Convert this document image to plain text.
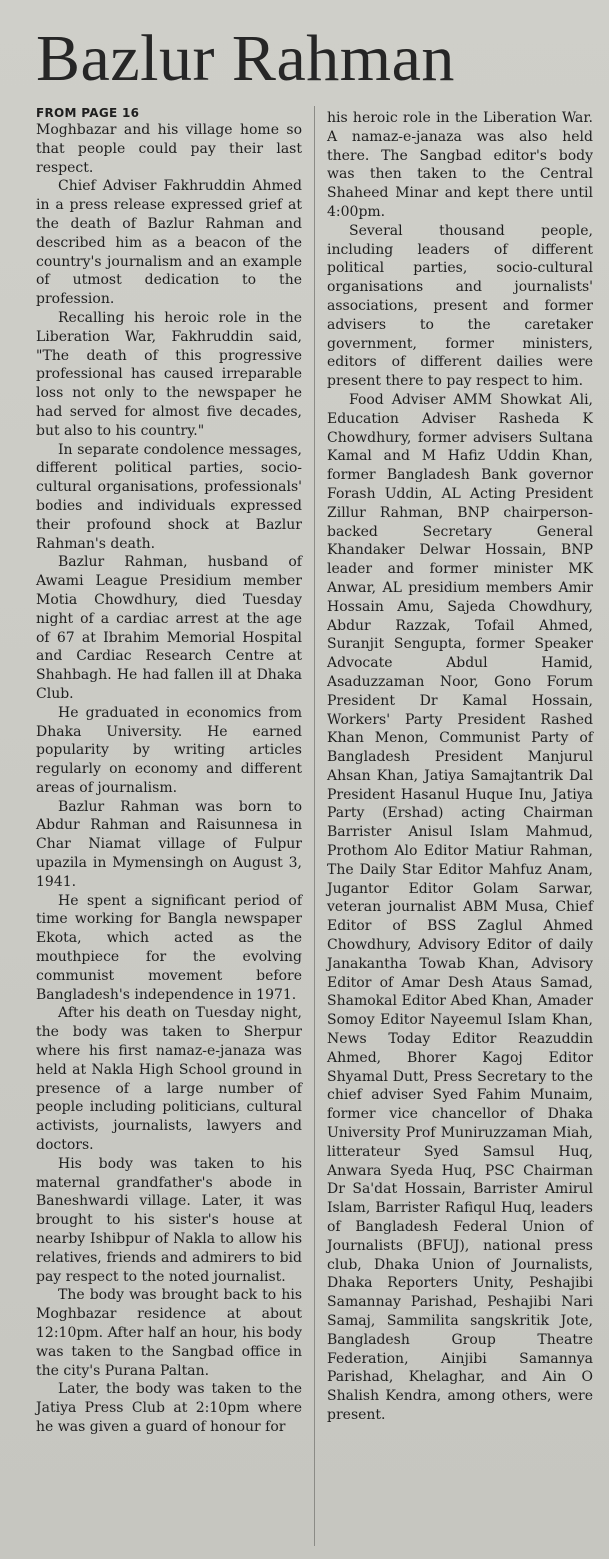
Bazlur Rahman
FROM PAGE 16

Moghbazar and his village home so that people could pay their last respect.

Chief Adviser Fakhruddin Ahmed in a press release expressed grief at the death of Bazlur Rahman and described him as a beacon of the country's journalism and an example of utmost dedication to the profession.

Recalling his heroic role in the Liberation War, Fakhruddin said, "The death of this progressive professional has caused irreparable loss not only to the newspaper he had served for almost five decades, but also to his country."

In separate condolence messages, different political parties, socio-cultural organisations, professionals' bodies and individuals expressed their profound shock at Bazlur Rahman's death.

Bazlur Rahman, husband of Awami League Presidium member Motia Chowdhury, died Tuesday night of a cardiac arrest at the age of 67 at Ibrahim Memorial Hospital and Cardiac Research Centre at Shahbagh. He had fallen ill at Dhaka Club.

He graduated in economics from Dhaka University. He earned popularity by writing articles regularly on economy and different areas of journalism.

Bazlur Rahman was born to Abdur Rahman and Raisunnesa in Char Niamat village of Fulpur upazila in Mymensingh on August 3, 1941.

He spent a significant period of time working for Bangla newspaper Ekota, which acted as the mouthpiece for the evolving communist movement before Bangladesh's independence in 1971.

After his death on Tuesday night, the body was taken to Sherpur where his first namaz-e-janaza was held at Nakla High School ground in presence of a large number of people including politicians, cultural activists, journalists, lawyers and doctors.

His body was taken to his maternal grandfather's abode in Baneshwardi village. Later, it was brought to his sister's house at nearby Ishibpur of Nakla to allow his relatives, friends and admirers to bid pay respect to the noted journalist.

The body was brought back to his Moghbazar residence at about 12:10pm. After half an hour, his body was taken to the Sangbad office in the city's Purana Paltan.

Later, the body was taken to the Jatiya Press Club at 2:10pm where he was given a guard of honour for

his heroic role in the Liberation War. A namaz-e-janaza was also held there. The Sangbad editor's body was then taken to the Central Shaheed Minar and kept there until 4:00pm.

Several thousand people, including leaders of different political parties, socio-cultural organisations and journalists' associations, present and former advisers to the caretaker government, former ministers, editors of different dailies were present there to pay respect to him.

Food Adviser AMM Showkat Ali, Education Adviser Rasheda K Chowdhury, former advisers Sultana Kamal and M Hafiz Uddin Khan, former Bangladesh Bank governor Forash Uddin, AL Acting President Zillur Rahman, BNP chairperson-backed Secretary General Khandaker Delwar Hossain, BNP leader and former minister MK Anwar, AL presidium members Amir Hossain Amu, Sajeda Chowdhury, Abdur Razzak, Tofail Ahmed, Suranjit Sengupta, former Speaker Advocate Abdul Hamid, Asaduzzaman Noor, Gono Forum President Dr Kamal Hossain, Workers' Party President Rashed Khan Menon, Communist Party of Bangladesh President Manjurul Ahsan Khan, Jatiya Samajtantrik Dal President Hasanul Huque Inu, Jatiya Party (Ershad) acting Chairman Barrister Anisul Islam Mahmud, Prothom Alo Editor Matiur Rahman, The Daily Star Editor Mahfuz Anam, Jugantor Editor Golam Sarwar, veteran journalist ABM Musa, Chief Editor of BSS Zaglul Ahmed Chowdhury, Advisory Editor of daily Janakantha Towab Khan, Advisory Editor of Amar Desh Ataus Samad, Shamokal Editor Abed Khan, Amader Somoy Editor Nayeemul Islam Khan, News Today Editor Reazuddin Ahmed, Bhorer Kagoj Editor Shyamal Dutt, Press Secretary to the chief adviser Syed Fahim Munaim, former vice chancellor of Dhaka University Prof Muniruzzaman Miah, litterateur Syed Samsul Huq, Anwara Syeda Huq, PSC Chairman Dr Sa'dat Hossain, Barrister Amirul Islam, Barrister Rafiqul Huq, leaders of Bangladesh Federal Union of Journalists (BFUJ), national press club, Dhaka Union of Journalists, Dhaka Reporters Unity, Peshajibi Samannay Parishad, Peshajibi Nari Samaj, Sammilita sangskritik Jote, Bangladesh Group Theatre Federation, Ainjibi Samannya Parishad, Khelaghar, and Ain O Shalish Kendra, among others, were present.
